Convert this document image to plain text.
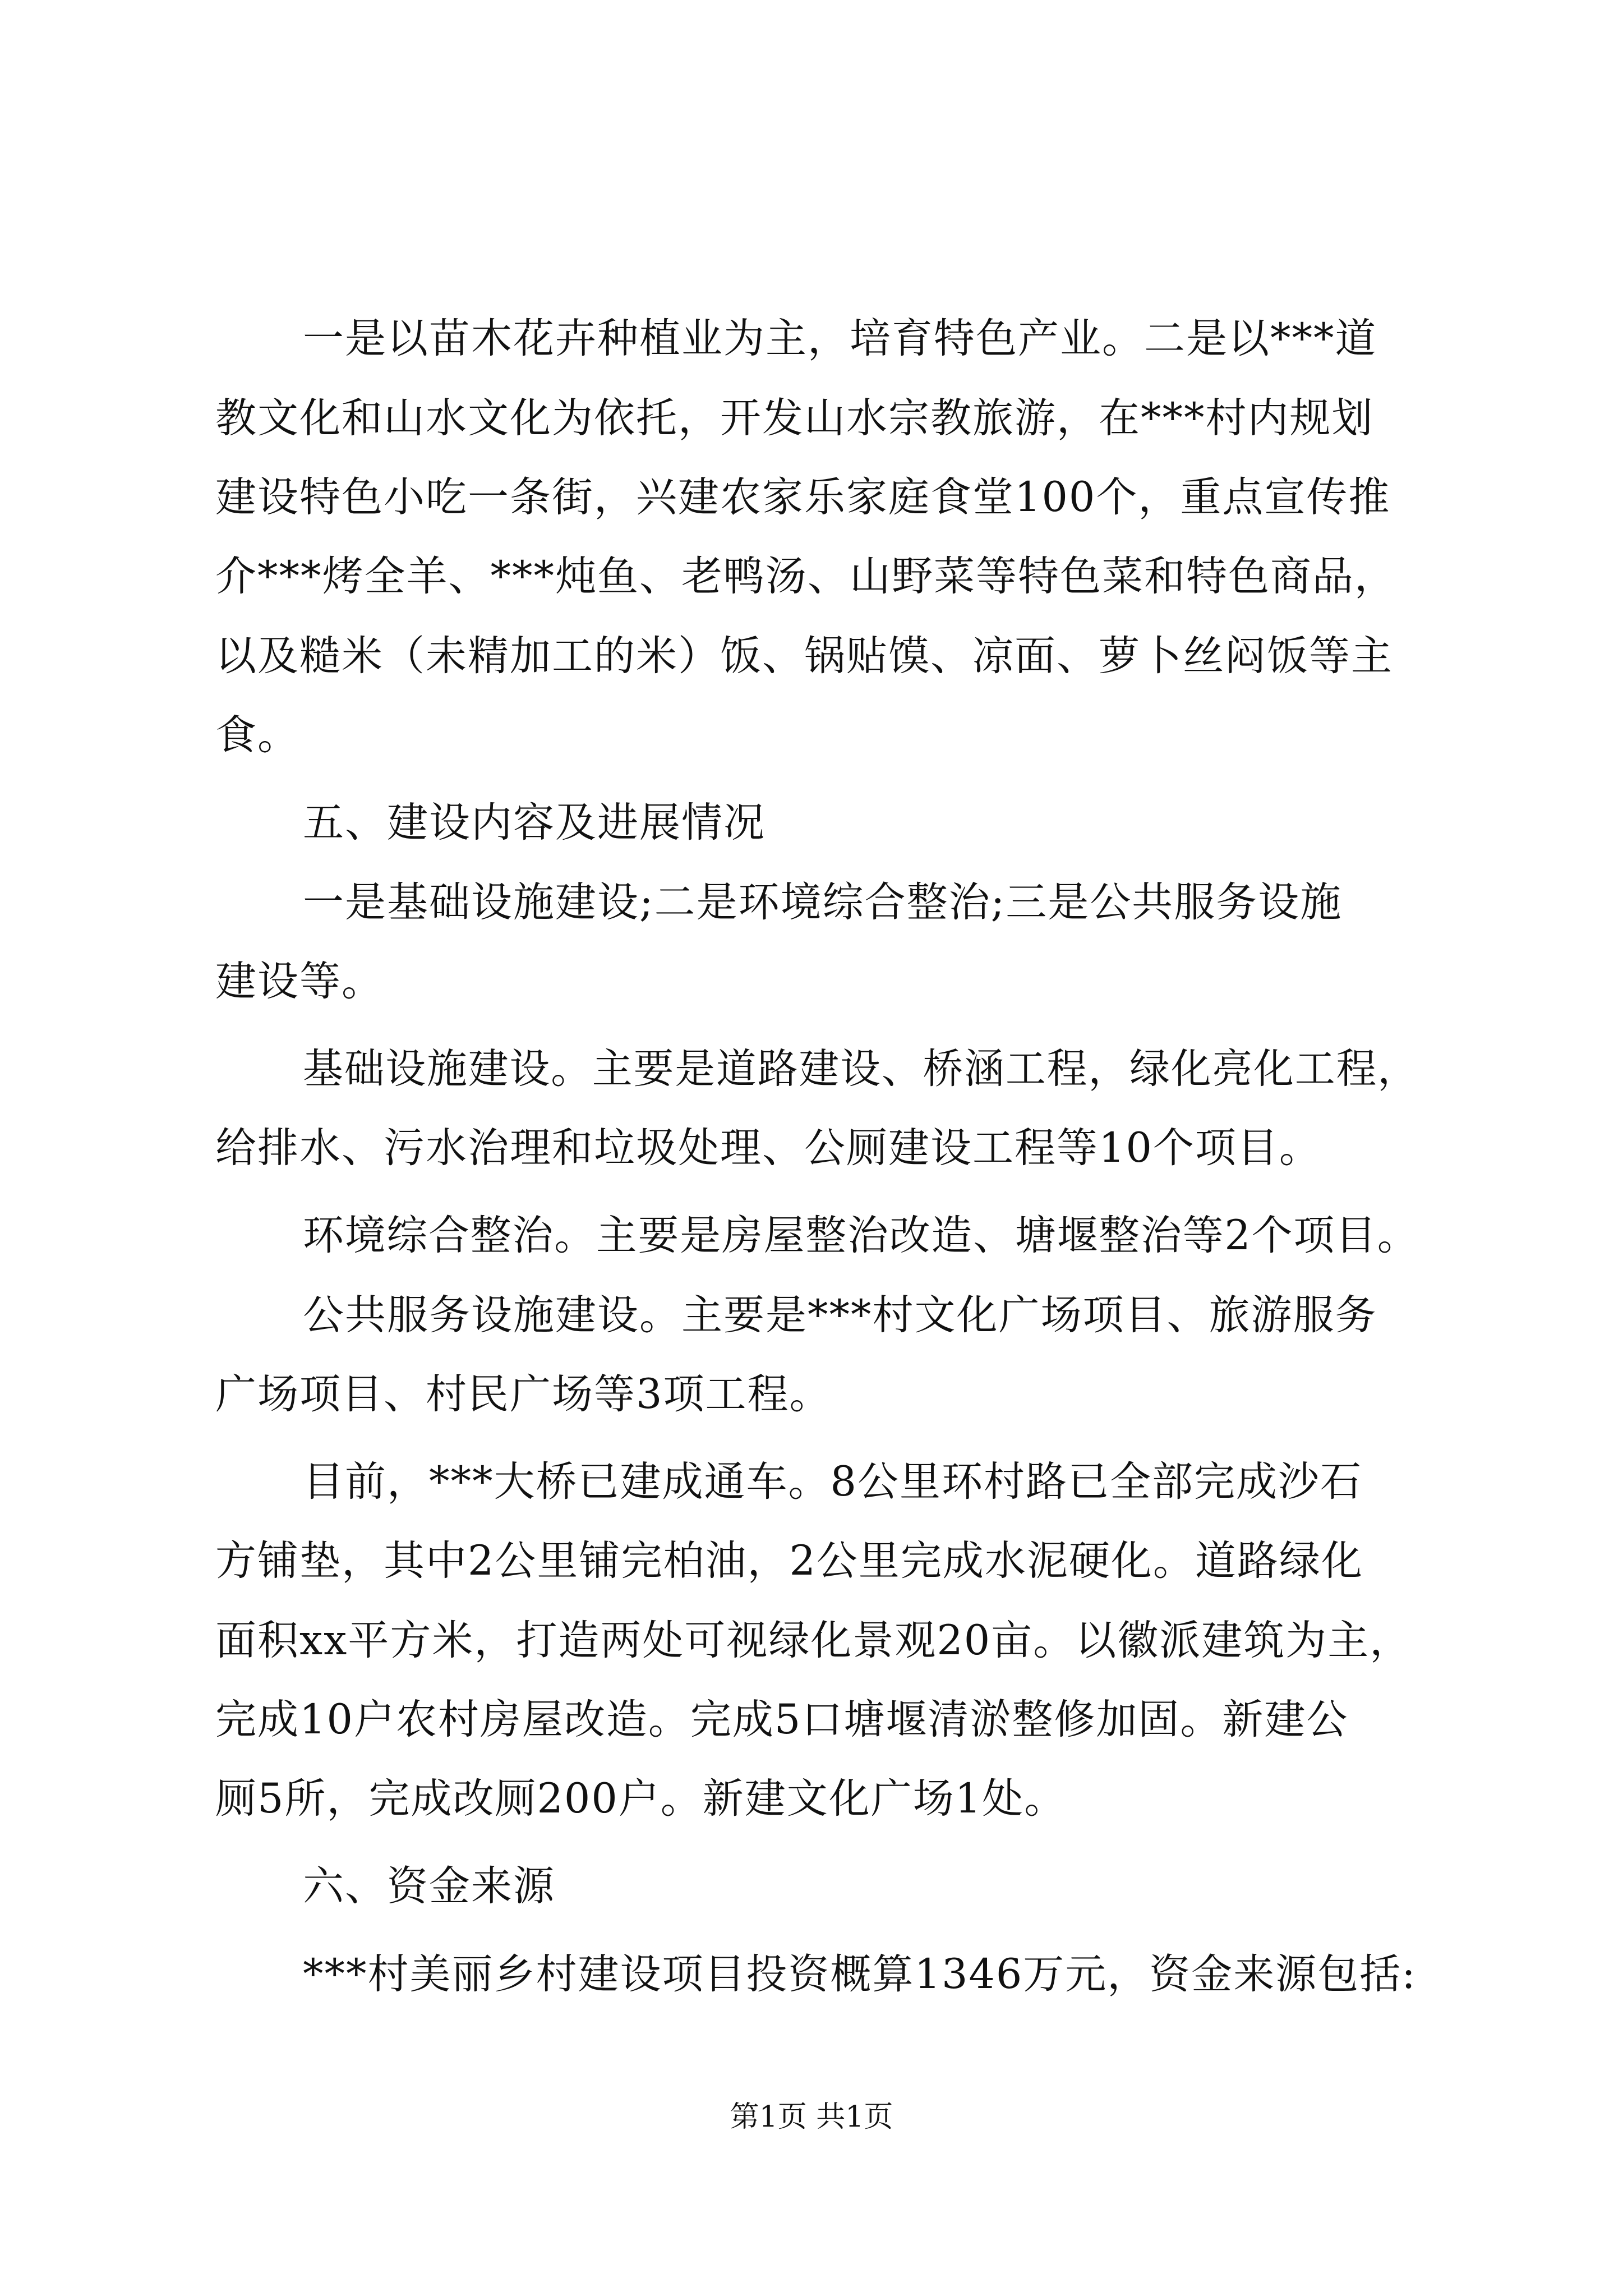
一是以苗木花卉种植业为主，培育特色产业。二是以***道
教文化和山水文化为依托，开发山水宗教旅游，在***村内规划
建设特色小吃一条街，兴建农家乐家庭食堂100个，重点宣传推
介***烤全羊、***炖鱼、老鸭汤、山野菜等特色菜和特色商品，
以及糙米（未精加工的米）饭、锅贴馍、凉面、萝卜丝闷饭等主
食。
五、建设内容及进展情况
一是基础设施建设;二是环境综合整治;三是公共服务设施
建设等。
基础设施建设。主要是道路建设、桥涵工程，绿化亮化工程，
给排水、污水治理和垃圾处理、公厕建设工程等10个项目。
环境综合整治。主要是房屋整治改造、塘堰整治等2个项目。
公共服务设施建设。主要是***村文化广场项目、旅游服务
广场项目、村民广场等3项工程。
目前，***大桥已建成通车。8公里环村路已全部完成沙石
方铺垫，其中2公里铺完柏油，2公里完成水泥硬化。道路绿化
面积xx平方米，打造两处可视绿化景观20亩。以徽派建筑为主，
完成10户农村房屋改造。完成5口塘堰清淤整修加固。新建公
厕5所，完成改厕200户。新建文化广场1处。
六、资金来源
***村美丽乡村建设项目投资概算1346万元，资金来源包括:
第1页 共1页
